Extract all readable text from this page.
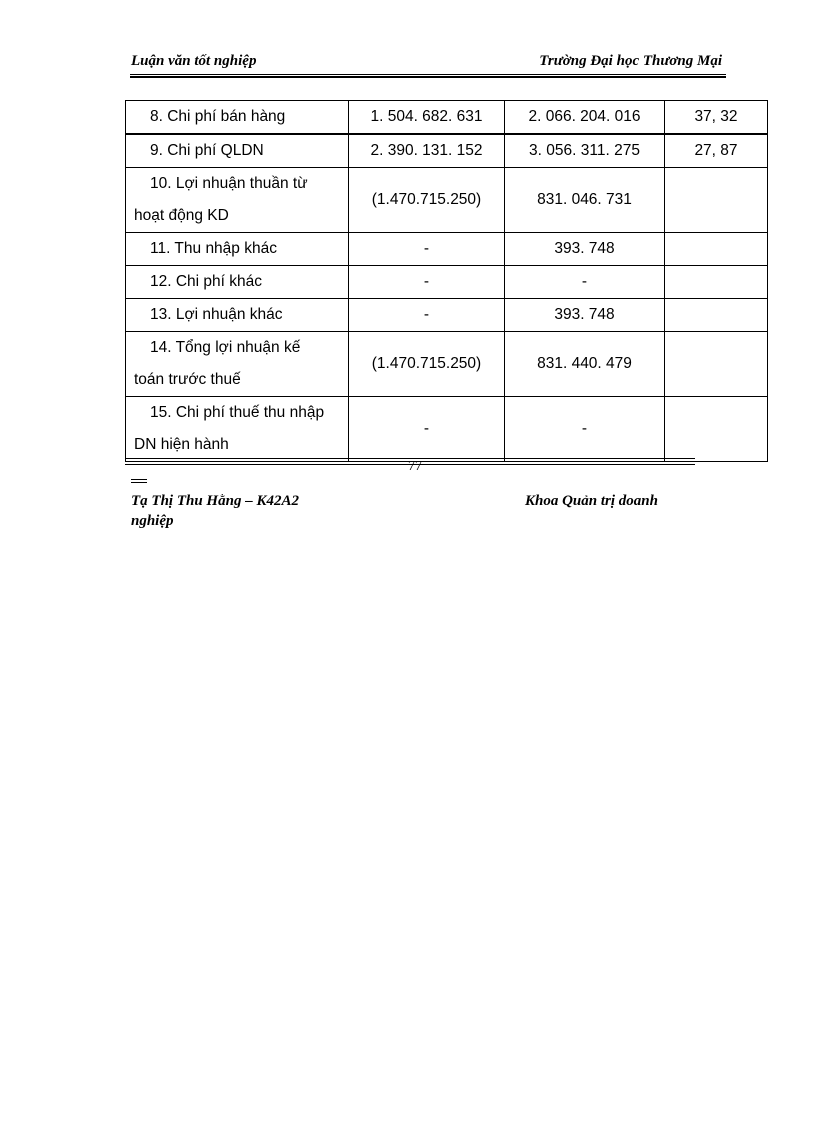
Luận văn tốt nghiệp	Trường Đại học Thương Mại
8. Chi phí bán hàng	1. 504. 682. 631	2. 066. 204. 016	37, 32
9. Chi phí QLDN	2. 390. 131. 152	3. 056. 311. 275	27, 87
10. Lợi nhuận thuần từ
hoạt động KD	(1.470.715.250)	831. 046. 731	
11. Thu nhập khác	-	393. 748	
12. Chi phí khác	-	-	
13. Lợi nhuận khác	-	393. 748	
14. Tổng lợi nhuận kế
toán trước thuế	(1.470.715.250)	831. 440. 479	
15. Chi phí thuế thu nhập
DN hiện hành	-	-	
77
Tạ Thị Thu Hằng – K42A2
nghiệp
Khoa Quản trị doanh
